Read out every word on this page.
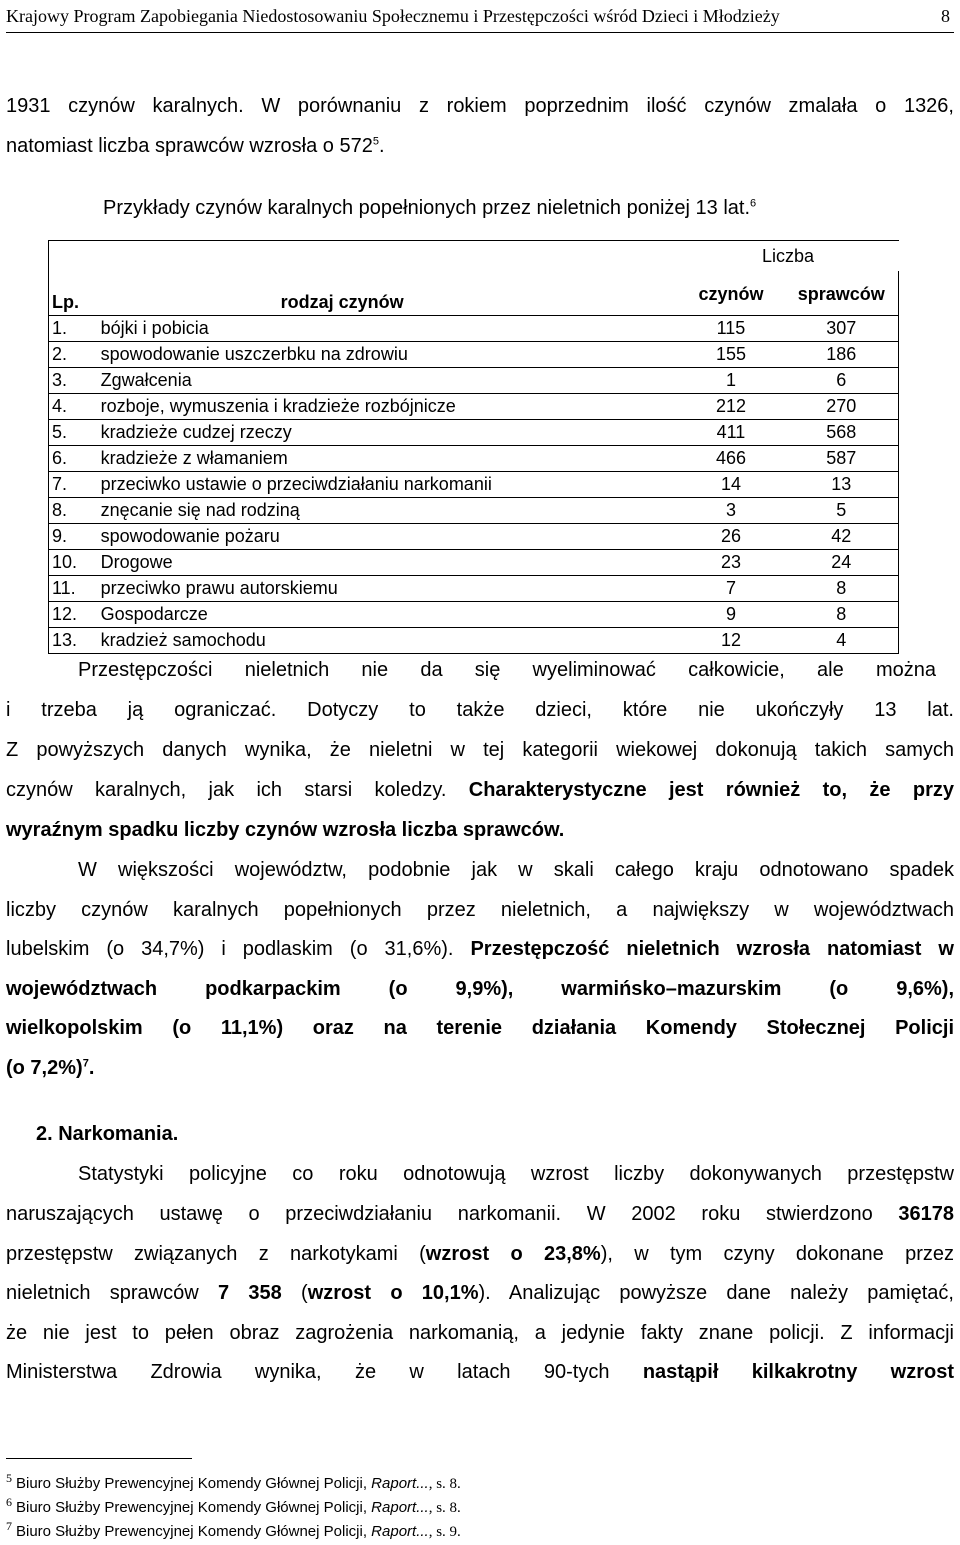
Krajowy Program Zapobiegania Niedostosowaniu Społecznemu i Przestępczości wśród Dzieci i Młodzieży	8
1931 czynów karalnych. W porównaniu z rokiem poprzednim ilość czynów zmalała o 1326,
natomiast liczba sprawców wzrosła o $572^5$.
Przykłady czynów karalnych popełnionych przez nieletnich poniżej 13 lat.$^6$
		Liczba	
Lp.	rodzaj czynów	czynów	sprawców
1.	bójki i pobicia	115	307
2.	spowodowanie uszczerbku na zdrowiu	155	186
3.	Zgwałcenia	1	6
4.	rozboje, wymuszenia i kradzieże rozbójnicze	212	270
5.	kradzieże cudzej rzeczy	411	568
6.	kradzieże z włamaniem	466	587
7.	przeciwko ustawie o przeciwdziałaniu narkomanii	14	13
8.	znęcanie się nad rodziną	3	5
9.	spowodowanie pożaru	26	42
10.	Drogowe	23	24
11.	przeciwko prawu autorskiemu	7	8
12.	Gospodarcze	9	8
13.	kradzież samochodu	12	4
Przestępczości nieletnich nie da się wyeliminować całkowicie, ale można
i trzeba ją ograniczać. Dotyczy to także dzieci, które nie ukończyły 13 lat.
Z powyższych danych wynika, że nieletni w tej kategorii wiekowej dokonują takich samych
czynów karalnych, jak ich starsi koledzy. Charakterystyczne jest również to, że przy
wyraźnym spadku liczby czynów wzrosła liczba sprawców.
W większości województw, podobnie jak w skali całego kraju odnotowano spadek
liczby czynów karalnych popełnionych przez nieletnich, a największy w województwach
lubelskim (o 34,7%) i podlaskim (o 31,6%). Przestępczość nieletnich wzrosła natomiast w
województwach podkarpackim (o 9,9%), warmińsko–mazurskim (o 9,6%),
wielkopolskim (o 11,1%) oraz na terenie działania Komendy Stołecznej Policji
(o 7,2%)$^7$.
2. Narkomania.
Statystyki policyjne co roku odnotowują wzrost liczby dokonywanych przestępstw
naruszających ustawę o przeciwdziałaniu narkomanii. W 2002 roku stwierdzono 36178
przestępstw związanych z narkotykami (wzrost o 23,8%), w tym czyny dokonane przez
nieletnich sprawców 7 358 (wzrost o 10,1%). Analizując powyższe dane należy pamiętać,
że nie jest to pełen obraz zagrożenia narkomanią, a jedynie fakty znane policji. Z informacji
Ministerstwa Zdrowia wynika, że w latach 90-tych nastąpił kilkakrotny wzrost
$^5$ Biuro Służby Prewencyjnej Komendy Głównej Policji, Raport..., s. 8.
$^6$ Biuro Służby Prewencyjnej Komendy Głównej Policji, Raport..., s. 8.
$^7$ Biuro Służby Prewencyjnej Komendy Głównej Policji, Raport..., s. 9.
